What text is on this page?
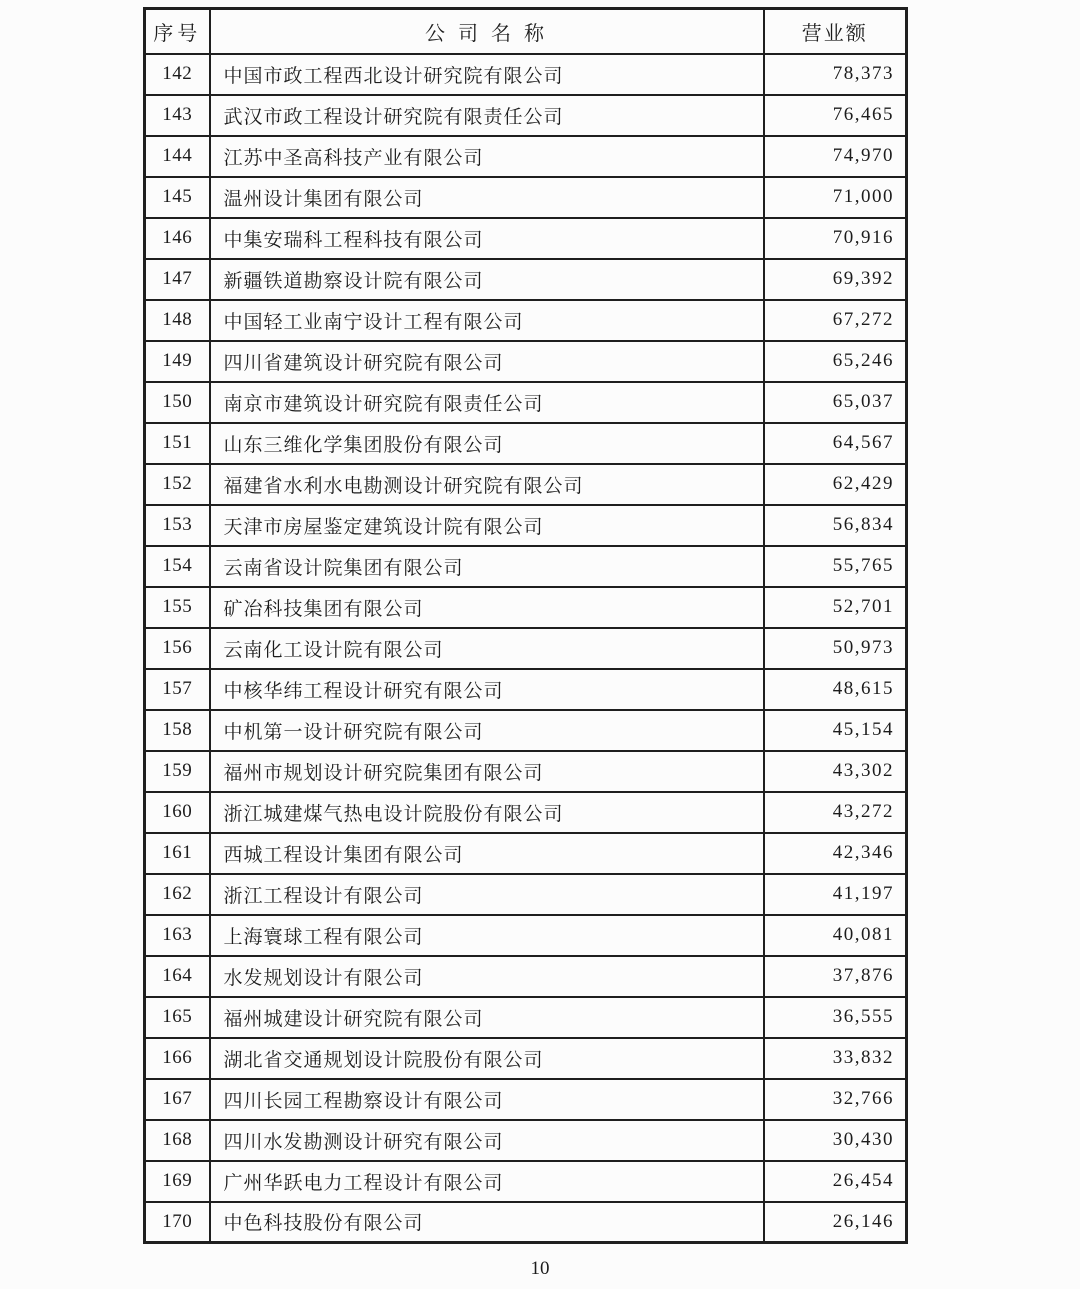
序号	公 司 名 称	营业额
142	中国市政工程西北设计研究院有限公司	78,373
143	武汉市政工程设计研究院有限责任公司	76,465
144	江苏中圣高科技产业有限公司	74,970
145	温州设计集团有限公司	71,000
146	中集安瑞科工程科技有限公司	70,916
147	新疆铁道勘察设计院有限公司	69,392
148	中国轻工业南宁设计工程有限公司	67,272
149	四川省建筑设计研究院有限公司	65,246
150	南京市建筑设计研究院有限责任公司	65,037
151	山东三维化学集团股份有限公司	64,567
152	福建省水利水电勘测设计研究院有限公司	62,429
153	天津市房屋鉴定建筑设计院有限公司	56,834
154	云南省设计院集团有限公司	55,765
155	矿冶科技集团有限公司	52,701
156	云南化工设计院有限公司	50,973
157	中核华纬工程设计研究有限公司	48,615
158	中机第一设计研究院有限公司	45,154
159	福州市规划设计研究院集团有限公司	43,302
160	浙江城建煤气热电设计院股份有限公司	43,272
161	西城工程设计集团有限公司	42,346
162	浙江工程设计有限公司	41,197
163	上海寰球工程有限公司	40,081
164	水发规划设计有限公司	37,876
165	福州城建设计研究院有限公司	36,555
166	湖北省交通规划设计院股份有限公司	33,832
167	四川长园工程勘察设计有限公司	32,766
168	四川水发勘测设计研究有限公司	30,430
169	广州华跃电力工程设计有限公司	26,454
170	中色科技股份有限公司	26,146
10
